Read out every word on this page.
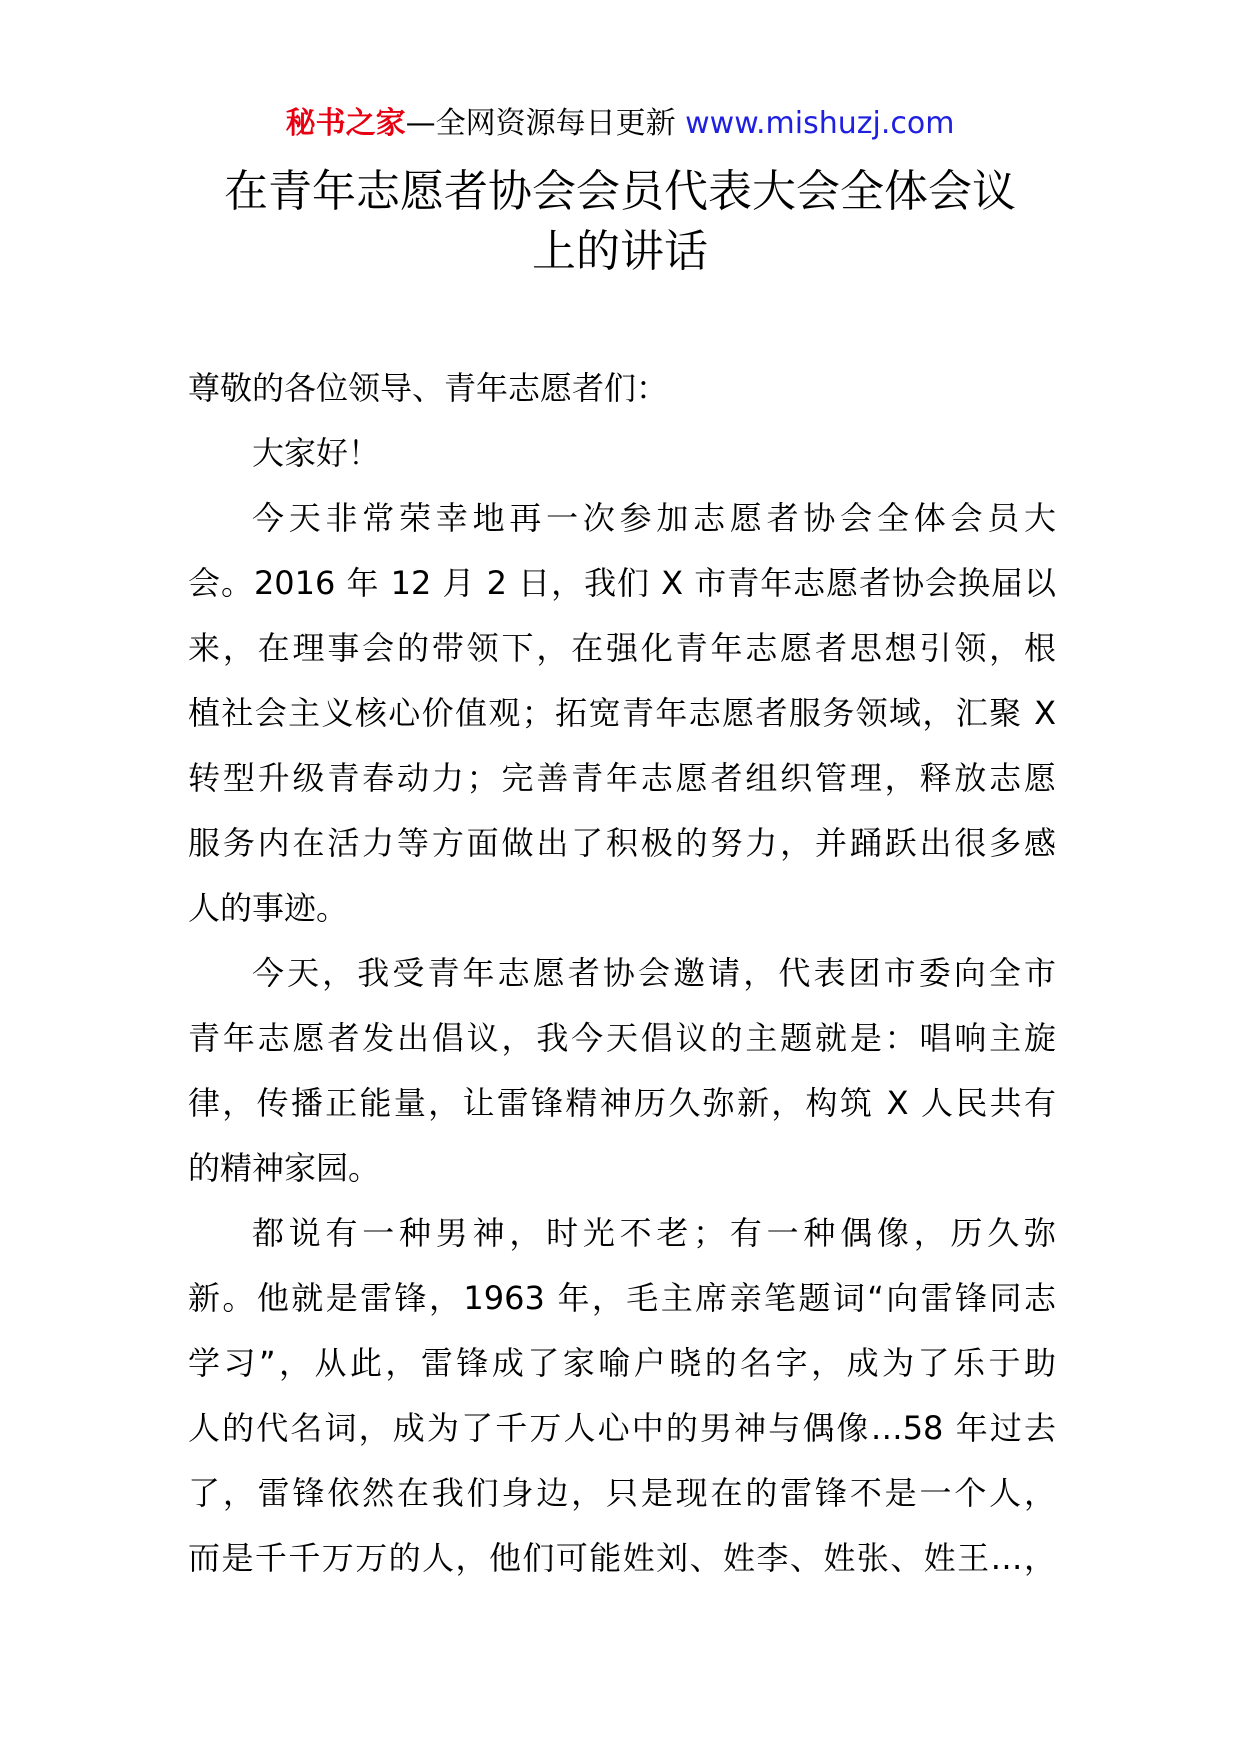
秘书之家—全网资源每日更新 www.mishuzj.com
在青年志愿者协会会员代表大会全体会议
上的讲话
尊敬的各位领导、青年志愿者们：
大家好！
今天非常荣幸地再一次参加志愿者协会全体会员大
会。2016 年 12 月 2 日，我们 X 市青年志愿者协会换届以
来，在理事会的带领下，在强化青年志愿者思想引领，根
植社会主义核心价值观；拓宽青年志愿者服务领域，汇聚 X
转型升级青春动力；完善青年志愿者组织管理，释放志愿
服务内在活力等方面做出了积极的努力，并踊跃出很多感
人的事迹。
今天，我受青年志愿者协会邀请，代表团市委向全市
青年志愿者发出倡议，我今天倡议的主题就是：唱响主旋
律，传播正能量，让雷锋精神历久弥新，构筑 X 人民共有
的精神家园。
都说有一种男神，时光不老；有一种偶像，历久弥
新。他就是雷锋，1963 年，毛主席亲笔题词“向雷锋同志
学习”，从此，雷锋成了家喻户晓的名字，成为了乐于助
人的代名词，成为了千万人心中的男神与偶像…58 年过去
了，雷锋依然在我们身边，只是现在的雷锋不是一个人，
而是千千万万的人，他们可能姓刘、姓李、姓张、姓王…，
